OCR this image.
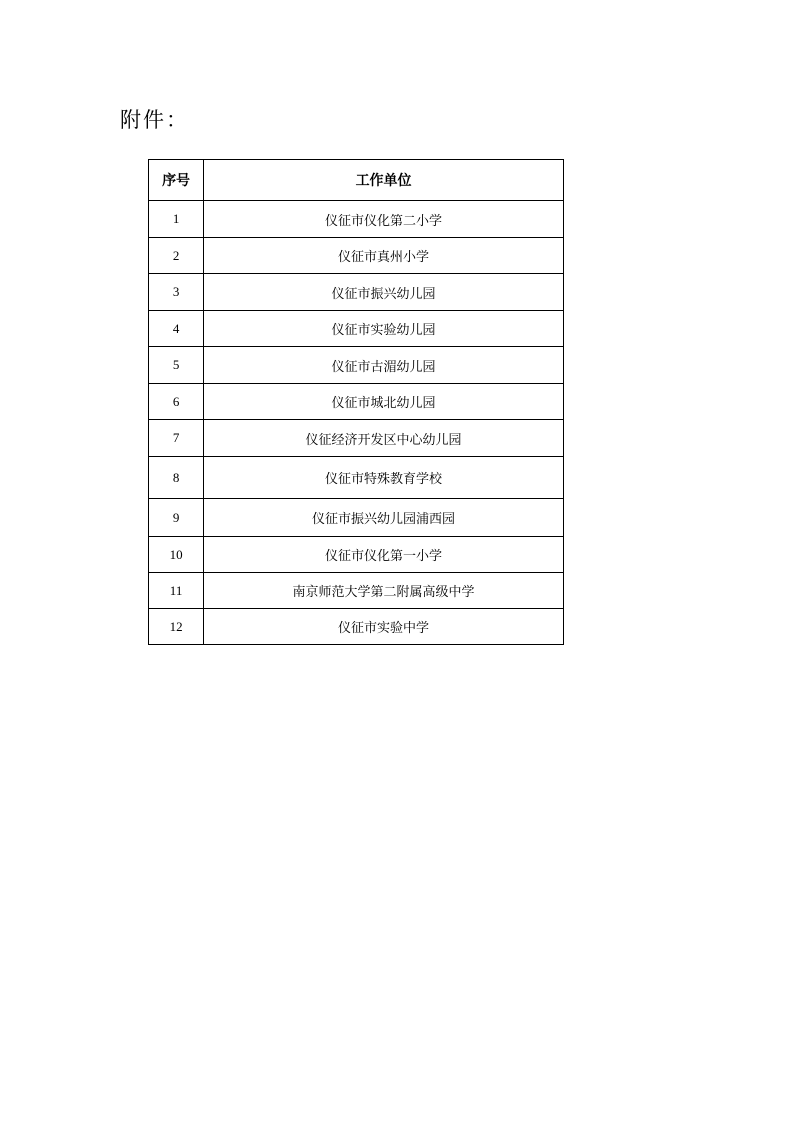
附件：
序号	工作单位
1	仪征市仪化第二小学
2	仪征市真州小学
3	仪征市振兴幼儿园
4	仪征市实验幼儿园
5	仪征市古湄幼儿园
6	仪征市城北幼儿园
7	仪征经济开发区中心幼儿园
8	仪征市特殊教育学校
9	仪征市振兴幼儿园浦西园
10	仪征市仪化第一小学
11	南京师范大学第二附属高级中学
12	仪征市实验中学
